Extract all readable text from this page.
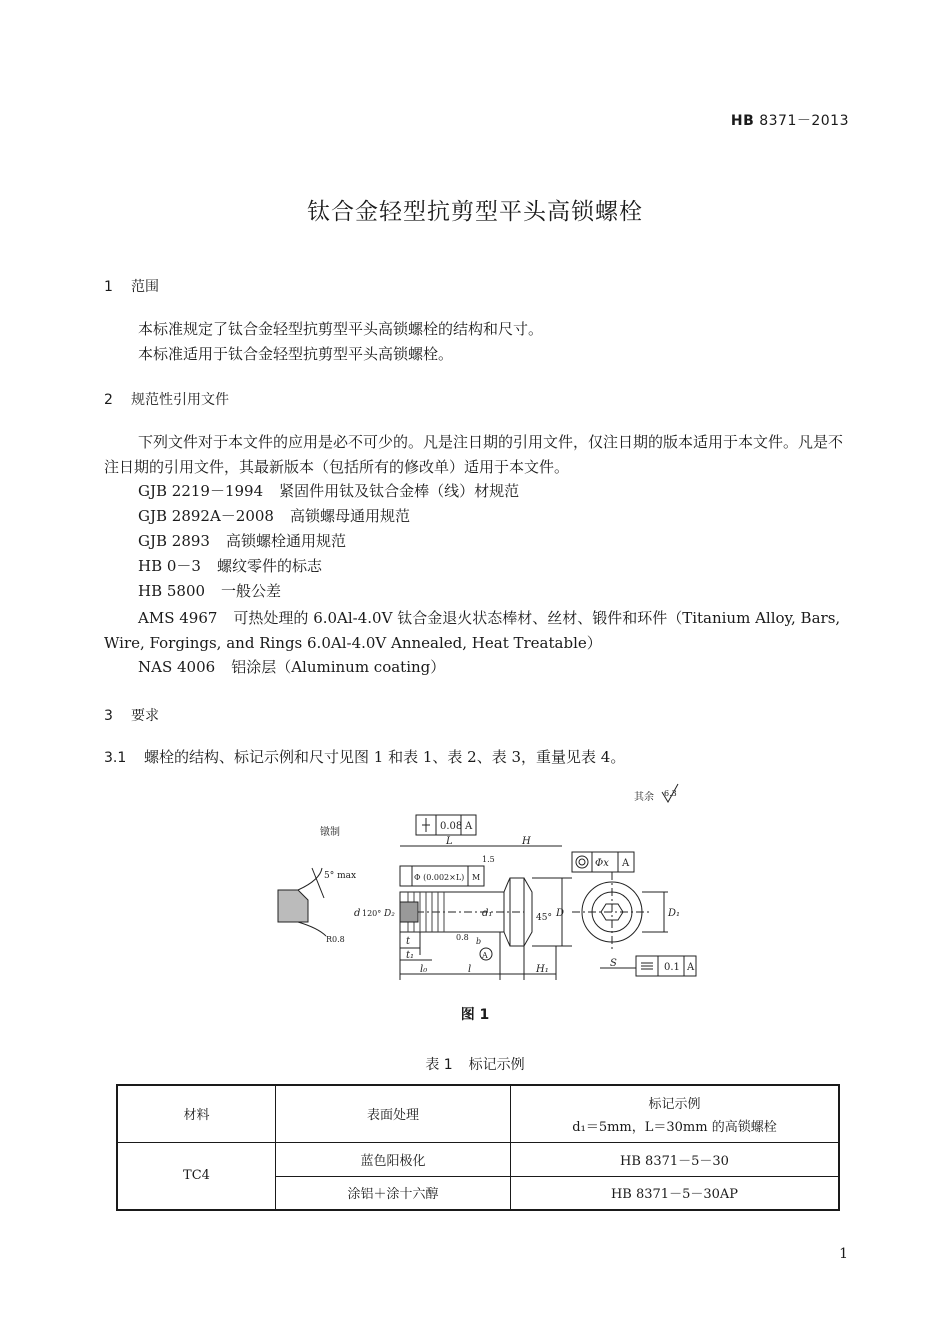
HB 8371－2013
钛合金轻型抗剪型平头高锁螺栓
1 范围
本标准规定了钛合金轻型抗剪型平头高锁螺栓的结构和尺寸。
本标准适用于钛合金轻型抗剪型平头高锁螺栓。
2 规范性引用文件
下列文件对于本文件的应用是必不可少的。凡是注日期的引用文件，仅注日期的版本适用于本文件。凡是不注日期的引用文件，其最新版本（包括所有的修改单）适用于本文件。
GJB 2219－1994 紧固件用钛及钛合金棒（线）材规范
GJB 2892A－2008 高锁螺母通用规范
GJB 2893 高锁螺栓通用规范
HB 0－3 螺纹零件的标志
HB 5800 一般公差
AMS 4967 可热处理的 6.0Al-4.0V 钛合金退火状态棒材、丝材、锻件和环件（Titanium Alloy, Bars, Wire, Forgings, and Rings 6.0Al-4.0V Annealed, Heat Treatable）
NAS 4006 铝涂层（Aluminum coating）
3 要求
3.1 螺栓的结构、标记示例和尺寸见图 1 和表 1、表 2、表 3，重量见表 4。
其余 6.3
镦制
5° max
R0.8
0.08 A
L	H
Φ (0.002×L) M
Φx A
d 120° D₂	d₁	45° D	D₁
1.5
0.8 b
A
t
t₁
l₀	l	H₁
S	0.1 A
图 1
表 1 标记示例
材料	表面处理	标记示例
d₁＝5mm，L＝30mm 的高锁螺栓

TC4	蓝色阳极化	HB 8371－5－30
	涂铝＋涂十六醇	HB 8371－5－30AP
1
